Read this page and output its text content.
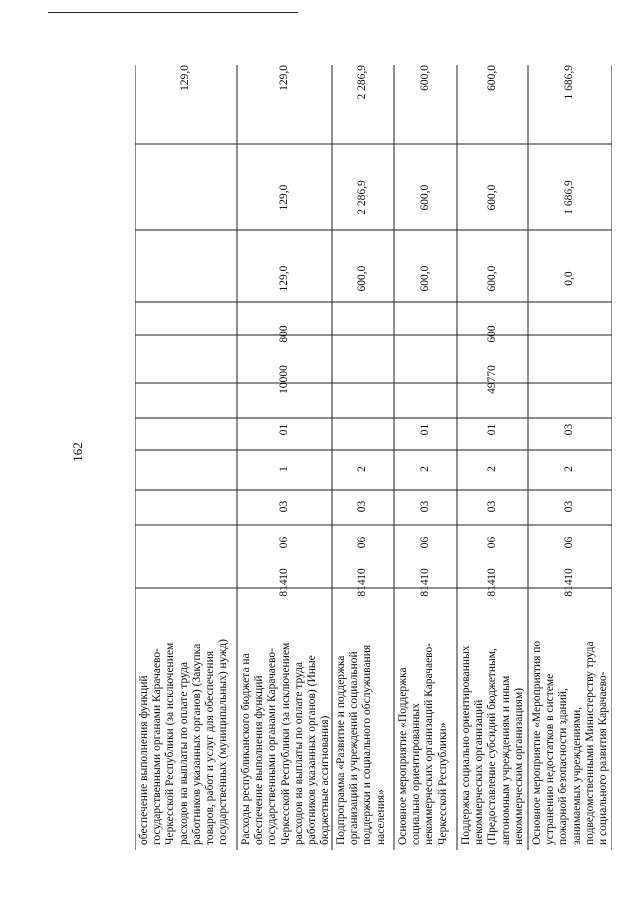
162
обеспечение выполнения функций
государственными органами Карачаево-
Черкесской Республики (за исключением
расходов на выплаты по оплате труда
работников указанных органов) (Закупка
товаров, работ и услуг для обеспечения
государственных (муниципальных) нужд)
129,0
Расходы республиканского бюджета на
обеспечение выполнения функций
государственными органами Карачаево-
Черкесской Республики (за исключением
расходов на выплаты по оплате труда
работников указанных органов) (Иные
бюджетные ассигнования)
814
10
06
03
1
01
10000
800
129,0
129,0
129,0
Подпрограмма «Развитие и поддержка
организаций и учреждений социальной
поддержки и социального обслуживания
населения»
814
10
06
03
2
600,0
2 286,9
2 286,9
Основное мероприятие «Поддержка
социально ориентированных
некоммерческих организаций Карачаево-
Черкесской Республики»
814
10
06
03
2
01
600,0
600,0
600,0
Поддержка социально ориентированных
некоммерческих организаций
(Предоставление субсидий бюджетным,
автономным учреждениям и иным
некоммерческим организациям)
814
10
06
03
2
01
49770
600
600,0
600,0
600,0
Основное мероприятие «Мероприятия по
устранению недостатков в системе
пожарной безопасности зданий,
занимаемых учреждениями,
подведомственными Министерству труда
и социального развития Карачаево-
814
10
06
03
2
03
0,0
1 686,9
1 686,9
